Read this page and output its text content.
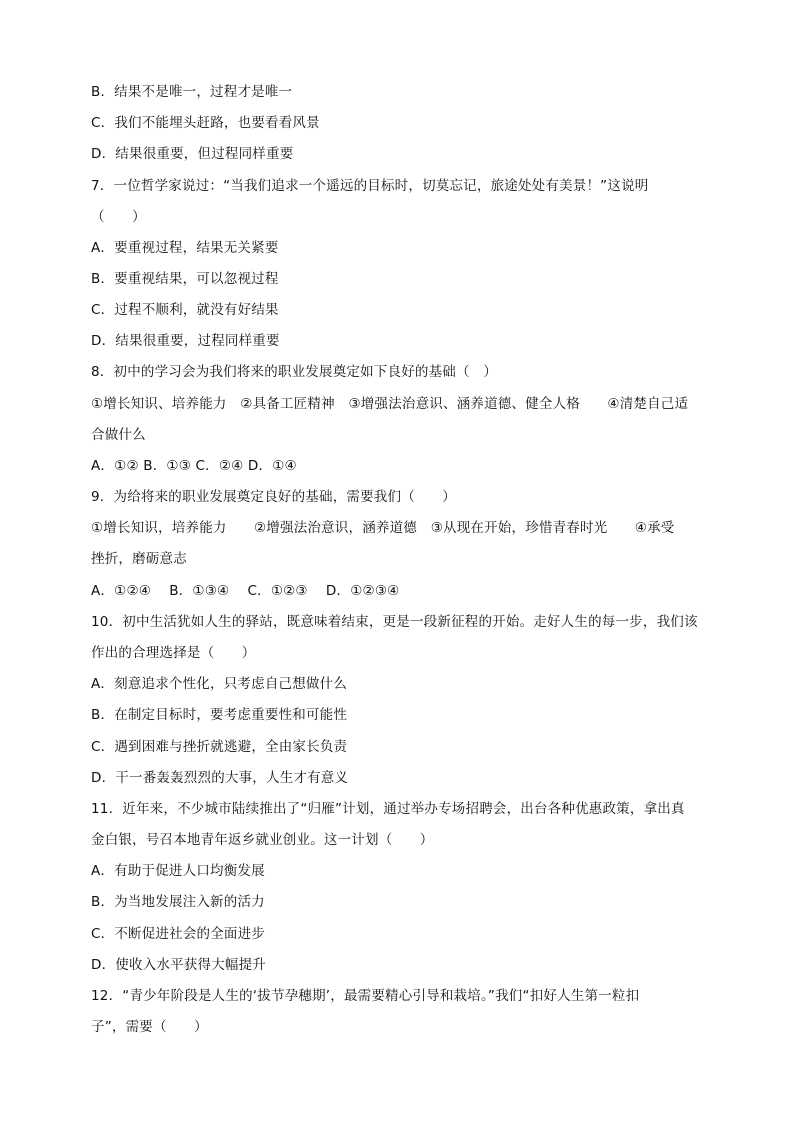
B．结果不是唯一，过程才是唯一
C．我们不能埋头赶路，也要看看风景
D．结果很重要，但过程同样重要
7．一位哲学家说过：“当我们追求一个遥远的目标时，切莫忘记，旅途处处有美景！”这说明
（　　）
A．要重视过程，结果无关紧要
B．要重视结果，可以忽视过程
C．过程不顺利，就没有好结果
D．结果很重要，过程同样重要
8．初中的学习会为我们将来的职业发展奠定如下良好的基础（　）
①增长知识、培养能力　②具备工匠精神　③增强法治意识、涵养道德、健全人格　　④清楚自己适
合做什么
A．①② B．①③ C．②④ D．①④
9．为给将来的职业发展奠定良好的基础，需要我们（　　）
①增长知识，培养能力　　②增强法治意识，涵养道德　③从现在开始，珍惜青春时光　　④承受
挫折，磨砺意志
A．①②④　 B．①③④　 C．①②③　 D．①②③④
10．初中生活犹如人生的驿站，既意味着结束，更是一段新征程的开始。走好人生的每一步，我们该
作出的合理选择是（　　）
A．刻意追求个性化，只考虑自己想做什么
B．在制定目标时，要考虑重要性和可能性
C．遇到困难与挫折就逃避，全由家长负责
D．干一番轰轰烈烈的大事，人生才有意义
11．近年来，不少城市陆续推出了“归雁”计划，通过举办专场招聘会，出台各种优惠政策，拿出真
金白银，号召本地青年返乡就业创业。这一计划（　　）
A．有助于促进人口均衡发展
B．为当地发展注入新的活力
C．不断促进社会的全面进步
D．使收入水平获得大幅提升
12．“青少年阶段是人生的‘拔节孕穗期’，最需要精心引导和栽培。”我们“扣好人生第一粒扣
子”，需要（　　）
